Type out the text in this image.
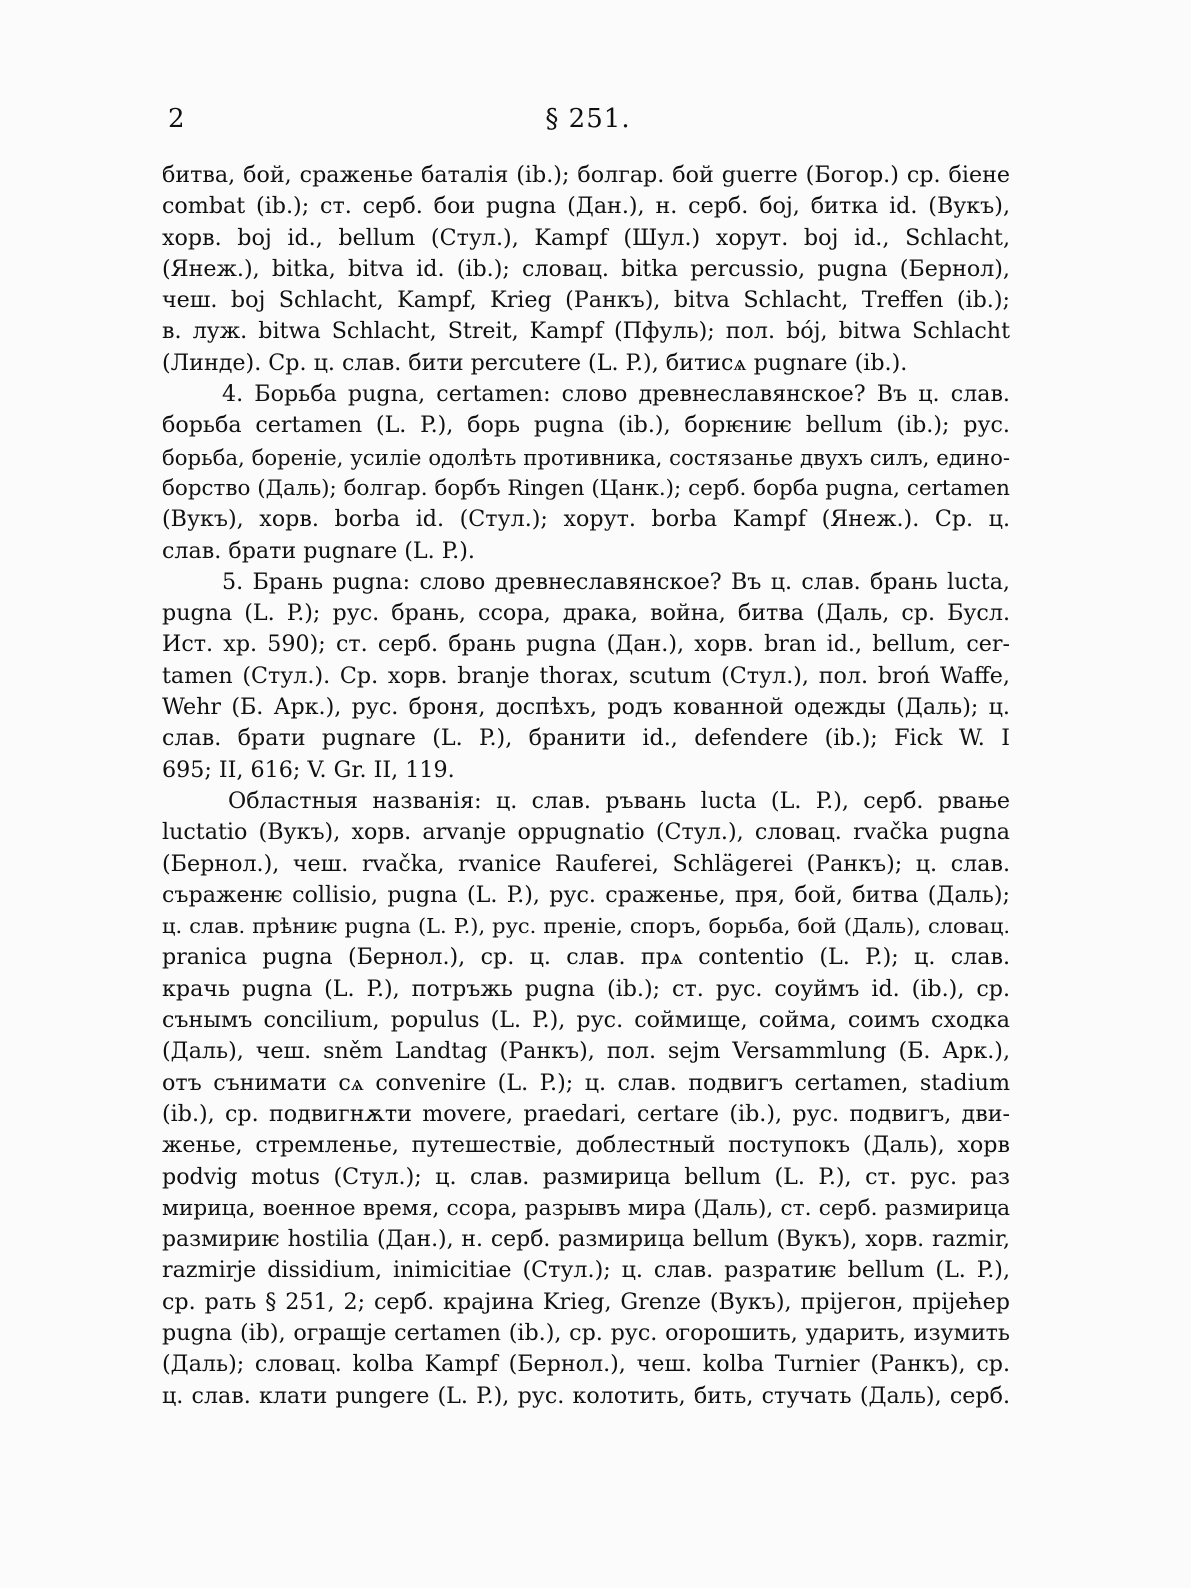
2	§ 251.
битва, бой, сраженье баталія (ib.); болгар. бой guerre (Богор.) ср. біене
combat (ib.); ст. серб. бои pugna (Дан.), н. серб. бoj, битка id. (Вукъ),
хорв. boj id., bellum (Стул.), Kampf (Шул.) хорут. boj id., Schlacht,
(Янеж.), bitka, bitva id. (ib.); словац. bitka percussio, pugna (Бернол),
чеш. boj Schlacht, Kampf, Krieg (Ранкъ), bitva Schlacht, Treffen (ib.);
в. луж. bitwa Schlacht, Streit, Kampf (Пфуль); пол. bój, bitwa Schlacht
(Линде). Ср. ц. слав. бити percutere (L. P.), битисѧ pugnare (ib.).
4. Борьба pugna, certamen: слово древнеславянское? Въ ц. слав.
борьба certamen (L. P.), борь pugna (ib.), борѥниѥ bellum (ib.); рус.
борьба, бореніе, усиліе одолѣть противника, состязанье двухъ силъ, едино-
борство (Даль); болгар. борбъ Ringen (Цанк.); серб. борба pugna, certamen
(Вукъ), хорв. borba id. (Стул.); хорут. borba Kampf (Янеж.). Ср. ц.
слав. брати pugnare (L. P.).
5. Брань pugna: слово древнеславянское? Въ ц. слав. брань lucta,
pugna (L. P.); рус. брань, ссора, драка, война, битва (Даль, ср. Бусл.
Ист. хр. 590); ст. серб. брань pugna (Дан.), хорв. bran id., bellum, cer-
tamen (Стул.). Ср. хорв. branje thorax, scutum (Стул.), пол. broń Waffe,
Wehr (Б. Арк.), рус. броня, доспѣхъ, родъ кованной одежды (Даль); ц.
слав. брати pugnare (L. P.), бранити id., defendere (ib.); Fick W. I
695; II, 616; V. Gr. II, 119.
Областныя названія: ц. слав. ръвань lucta (L. P.), серб. рвање
luctatio (Вукъ), хорв. arvanje oppugnatio (Стул.), словац. rvačka pugna
(Бернол.), чеш. rvačka, rvanice Rauferei, Schlägerei (Ранкъ); ц. слав.
съраженѥ collisio, pugna (L. P.), рус. сраженье, пря, бой, битва (Даль);
ц. слав. прѣниѥ pugna (L. P.), рус. преніе, споръ, борьба, бой (Даль), словац.
pranica pugna (Бернол.), ср. ц. слав. прѧ contentio (L. P.); ц. слав.
крачь pugna (L. P.), потръжь pugna (ib.); ст. рус. соуймъ id. (ib.), ср.
сънымъ concilium, populus (L. P.), рус. соймище, сойма, соимъ сходка
(Даль), чеш. sněm Landtag (Ранкъ), пол. sejm Versammlung (Б. Арк.),
отъ сънимати сѧ convenire (L. P.); ц. слав. подвигъ certamen, stadium
(ib.), ср. подвигнѫти movere, praedari, certare (ib.), рус. подвигъ, дви-
женье, стремленье, путешествіе, доблестный поступокъ (Даль), хорв
podvig motus (Стул.); ц. слав. размирица bellum (L. P.), ст. рус. раз
мирица, военное время, ссора, разрывъ мира (Даль), ст. серб. размирица
размириѥ hostilia (Дан.), н. серб. размирица bellum (Вукъ), хорв. razmir,
razmirje dissidium, inimicitiae (Стул.); ц. слав. разратиѥ bellum (L. P.),
ср. рать § 251, 2; серб. крајина Krieg, Grenze (Вукъ), прijeгон, прijeћер
pugna (ib), ограшје certamen (ib.), ср. рус. огорошить, ударить, изумить
(Даль); словац. kolba Kampf (Бернол.), чеш. kolba Turnier (Ранкъ), ср.
ц. слав. клати pungere (L. P.), рус. колотить, бить, стучать (Даль), серб.
